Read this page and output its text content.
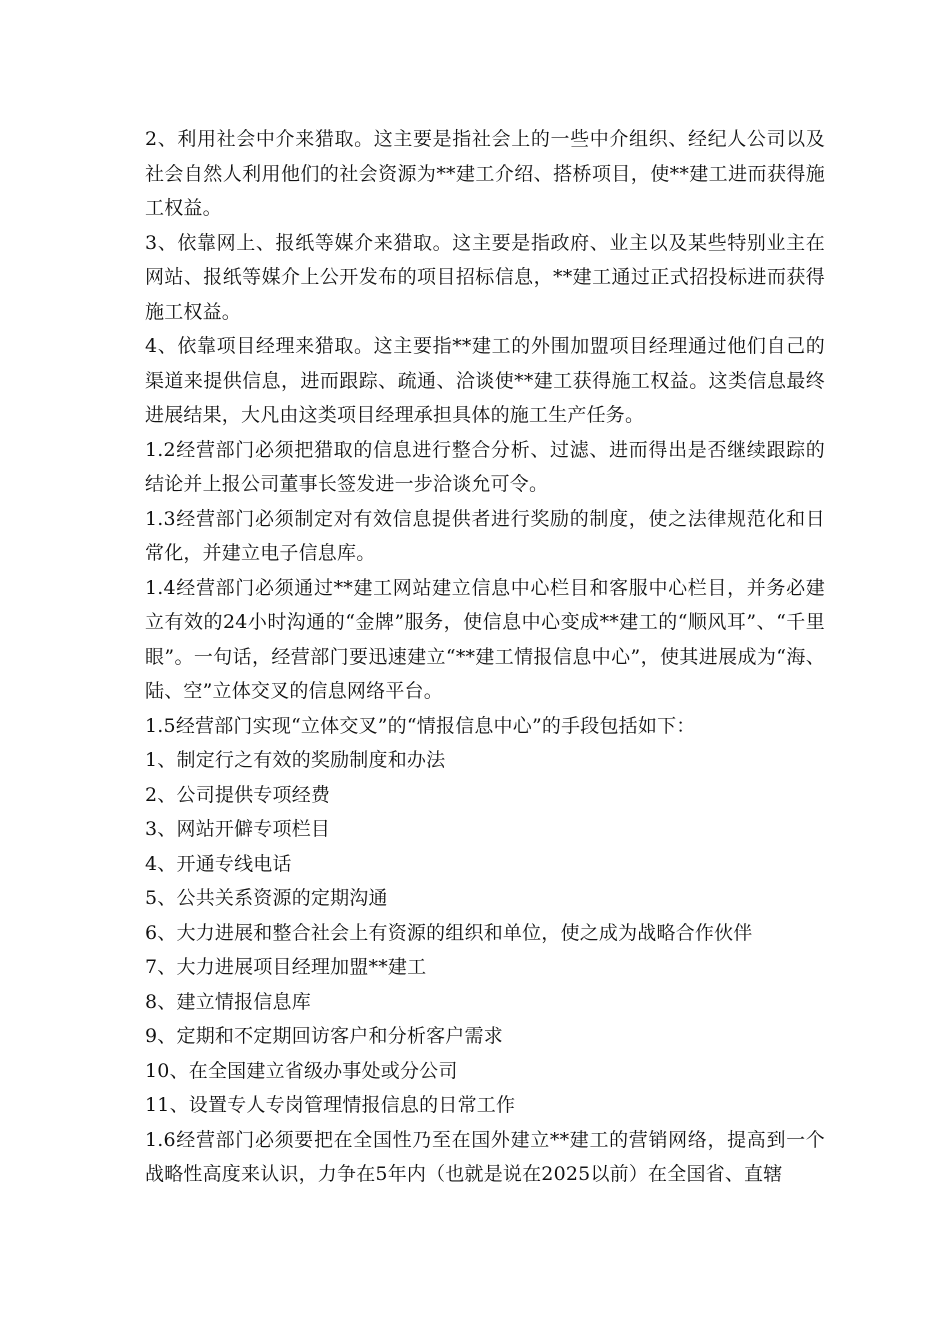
2、利用社会中介来猎取。这主要是指社会上的一些中介组织、经纪人公司以及社会自然人利用他们的社会资源为**建工介绍、搭桥项目，使**建工进而获得施工权益。

3、依靠网上、报纸等媒介来猎取。这主要是指政府、业主以及某些特别业主在网站、报纸等媒介上公开发布的项目招标信息，**建工通过正式招投标进而获得施工权益。

4、依靠项目经理来猎取。这主要指**建工的外围加盟项目经理通过他们自己的渠道来提供信息，进而跟踪、疏通、洽谈使**建工获得施工权益。这类信息最终进展结果，大凡由这类项目经理承担具体的施工生产任务。

1.2经营部门必须把猎取的信息进行整合分析、过滤、进而得出是否继续跟踪的结论并上报公司董事长签发进一步洽谈允可令。

1.3经营部门必须制定对有效信息提供者进行奖励的制度，使之法律规范化和日常化，并建立电子信息库。

1.4经营部门必须通过**建工网站建立信息中心栏目和客服中心栏目，并务必建立有效的24小时沟通的“金牌”服务，使信息中心变成**建工的“顺风耳”、“千里眼”。一句话，经营部门要迅速建立“**建工情报信息中心”，使其进展成为“海、陆、空”立体交叉的信息网络平台。

1.5经营部门实现“立体交叉”的“情报信息中心”的手段包括如下：

1、制定行之有效的奖励制度和办法

2、公司提供专项经费

3、网站开僻专项栏目

4、开通专线电话

5、公共关系资源的定期沟通

6、大力进展和整合社会上有资源的组织和单位，使之成为战略合作伙伴

7、大力进展项目经理加盟**建工

8、建立情报信息库

9、定期和不定期回访客户和分析客户需求

10、在全国建立省级办事处或分公司

11、设置专人专岗管理情报信息的日常工作

1.6经营部门必须要把在全国性乃至在国外建立**建工的营销网络，提高到一个战略性高度来认识，力争在5年内（也就是说在2025以前）在全国省、直辖
